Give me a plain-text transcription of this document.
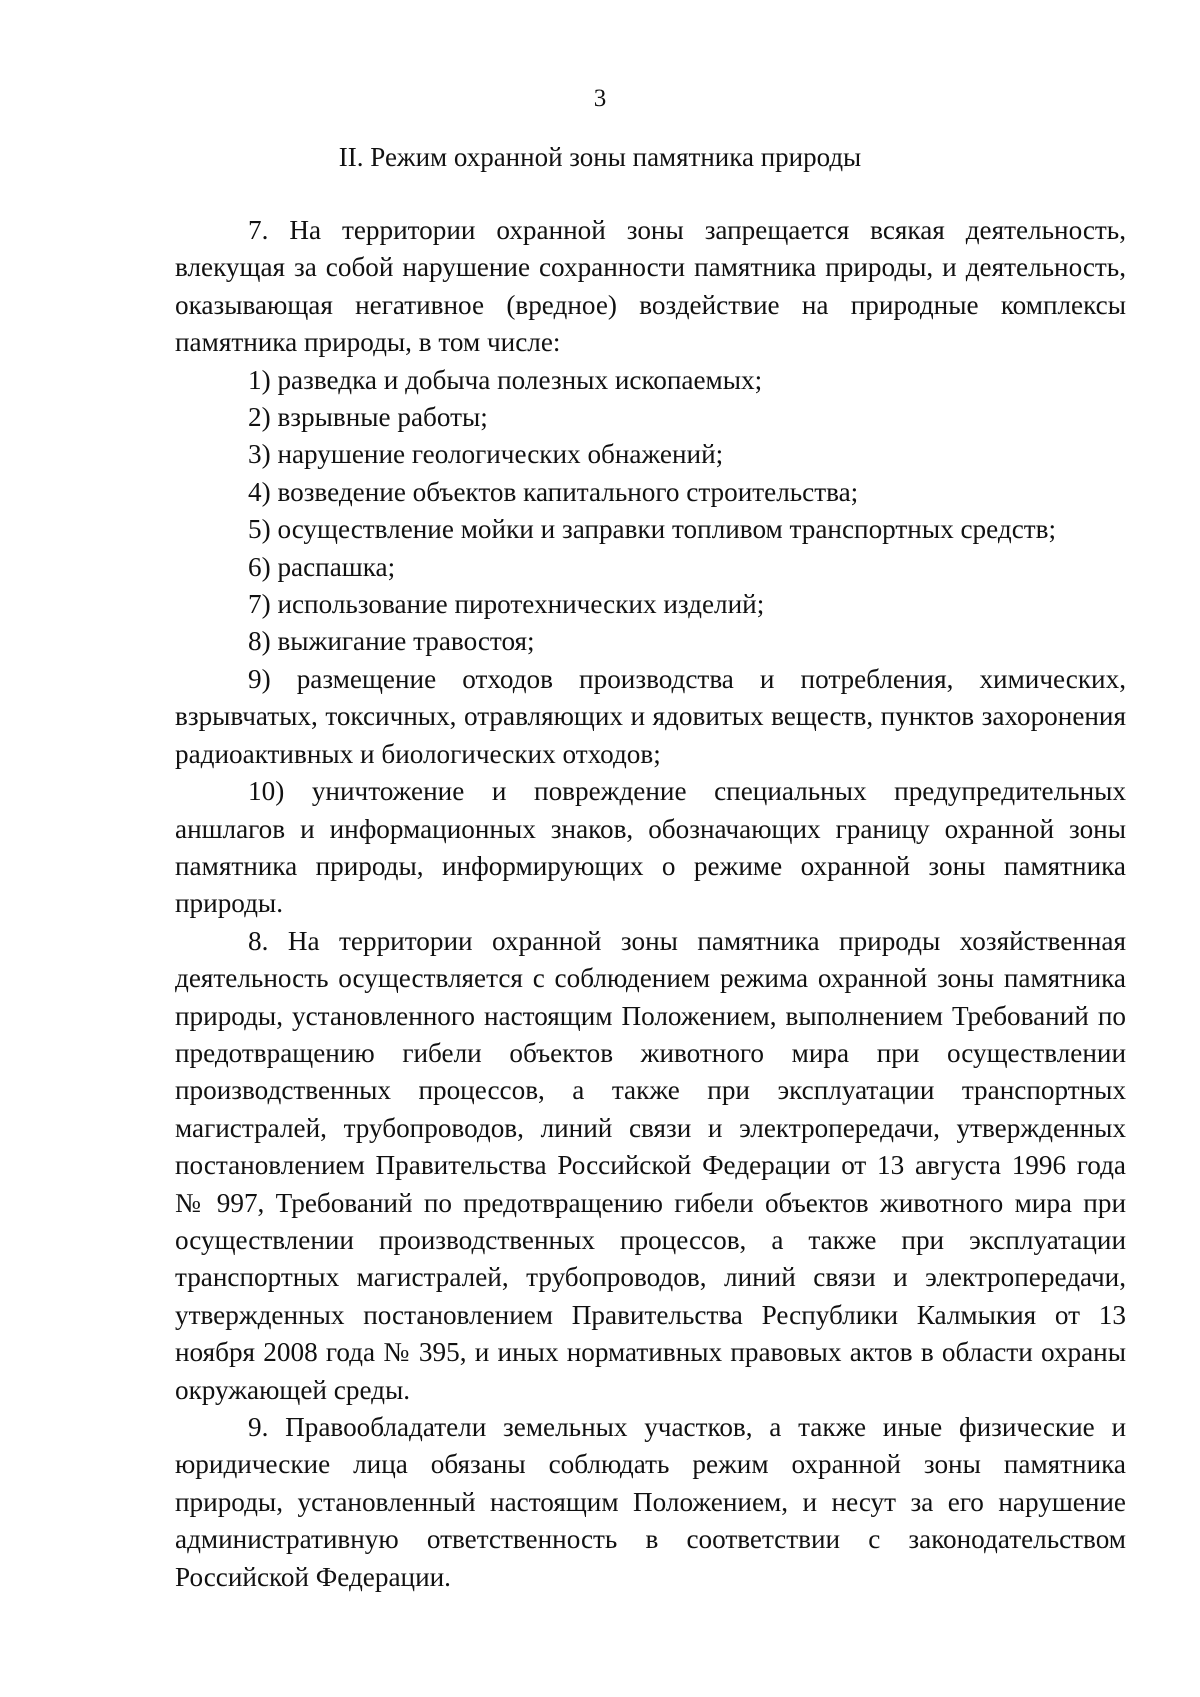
3
II. Режим охранной зоны памятника природы

7. На территории охранной зоны запрещается всякая деятельность, влекущая за собой нарушение сохранности памятника природы, и деятельность, оказывающая негативное (вредное) воздействие на природные комплексы памятника природы, в том числе:

1) разведка и добыча полезных ископаемых;

2) взрывные работы;

3) нарушение геологических обнажений;

4) возведение объектов капитального строительства;

5) осуществление мойки и заправки топливом транспортных средств;

6) распашка;

7) использование пиротехнических изделий;

8) выжигание травостоя;

9) размещение отходов производства и потребления, химических, взрывчатых, токсичных, отравляющих и ядовитых веществ, пунктов захоронения радиоактивных и биологических отходов;

10) уничтожение и повреждение специальных предупредительных аншлагов и информационных знаков, обозначающих границу охранной зоны памятника природы, информирующих о режиме охранной зоны памятника природы.

8. На территории охранной зоны памятника природы хозяйственная деятельность осуществляется с соблюдением режима охранной зоны памятника природы, установленного настоящим Положением, выполнением Требований по предотвращению гибели объектов животного мира при осуществлении производственных процессов, а также при эксплуатации транспортных магистралей, трубопроводов, линий связи и электропередачи, утвержденных постановлением Правительства Российской Федерации от 13 августа 1996 года № 997, Требований по предотвращению гибели объектов животного мира при осуществлении производственных процессов, а также при эксплуатации транспортных магистралей, трубопроводов, линий связи и электропередачи, утвержденных постановлением Правительства Республики Калмыкия от 13 ноября 2008 года № 395, и иных нормативных правовых актов в области охраны окружающей среды.

9. Правообладатели земельных участков, а также иные физические и юридические лица обязаны соблюдать режим охранной зоны памятника природы, установленный настоящим Положением, и несут за его нарушение административную ответственность в соответствии с законодательством Российской Федерации.
